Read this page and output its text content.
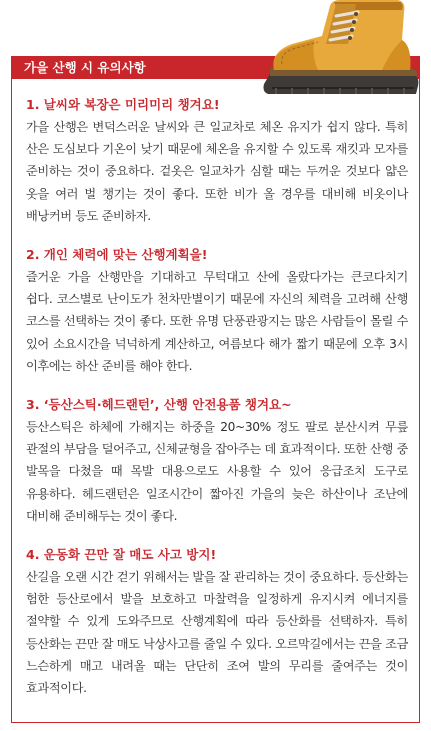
가을 산행 시 유의사항
1. 날씨와 복장은 미리미리 챙겨요!
가을 산행은 변덕스러운 날씨와 큰 일교차로 체온 유지가 쉽지 않다. 특히 산은 도심보다 기온이 낮기 때문에 체온을 유지할 수 있도록 재킷과 모자를 준비하는 것이 중요하다. 겉옷은 일교차가 심할 때는 두꺼운 것보다 얇은 옷을 여러 벌 챙기는 것이 좋다. 또한 비가 올 경우를 대비해 비옷이나 배낭커버 등도 준비하자.
2. 개인 체력에 맞는 산행계획을!
즐거운 가을 산행만을 기대하고 무턱대고 산에 올랐다가는 큰코다치기 쉽다. 코스별로 난이도가 천차만별이기 때문에 자신의 체력을 고려해 산행 코스를 선택하는 것이 좋다. 또한 유명 단풍관광지는 많은 사람들이 몰릴 수 있어 소요시간을 넉넉하게 계산하고, 여름보다 해가 짧기 때문에 오후 3시 이후에는 하산 준비를 해야 한다.
3. ‘등산스틱·헤드랜턴’, 산행 안전용품 챙겨요~
등산스틱은 하체에 가해지는 하중을 20~30% 정도 팔로 분산시켜 무릎 관절의 부담을 덜어주고, 신체균형을 잡아주는 데 효과적이다. 또한 산행 중 발목을 다쳤을 때 목발 대용으로도 사용할 수 있어 응급조치 도구로 유용하다. 헤드랜턴은 일조시간이 짧아진 가을의 늦은 하산이나 조난에 대비해 준비해두는 것이 좋다.
4. 운동화 끈만 잘 매도 사고 방지!
산길을 오랜 시간 걷기 위해서는 발을 잘 관리하는 것이 중요하다. 등산화는 험한 등산로에서 발을 보호하고 마찰력을 일정하게 유지시켜 에너지를 절약할 수 있게 도와주므로 산행계획에 따라 등산화를 선택하자. 특히 등산화는 끈만 잘 매도 낙상사고를 줄일 수 있다. 오르막길에서는 끈을 조금 느슨하게 매고 내려올 때는 단단히 조여 발의 무리를 줄여주는 것이 효과적이다.
